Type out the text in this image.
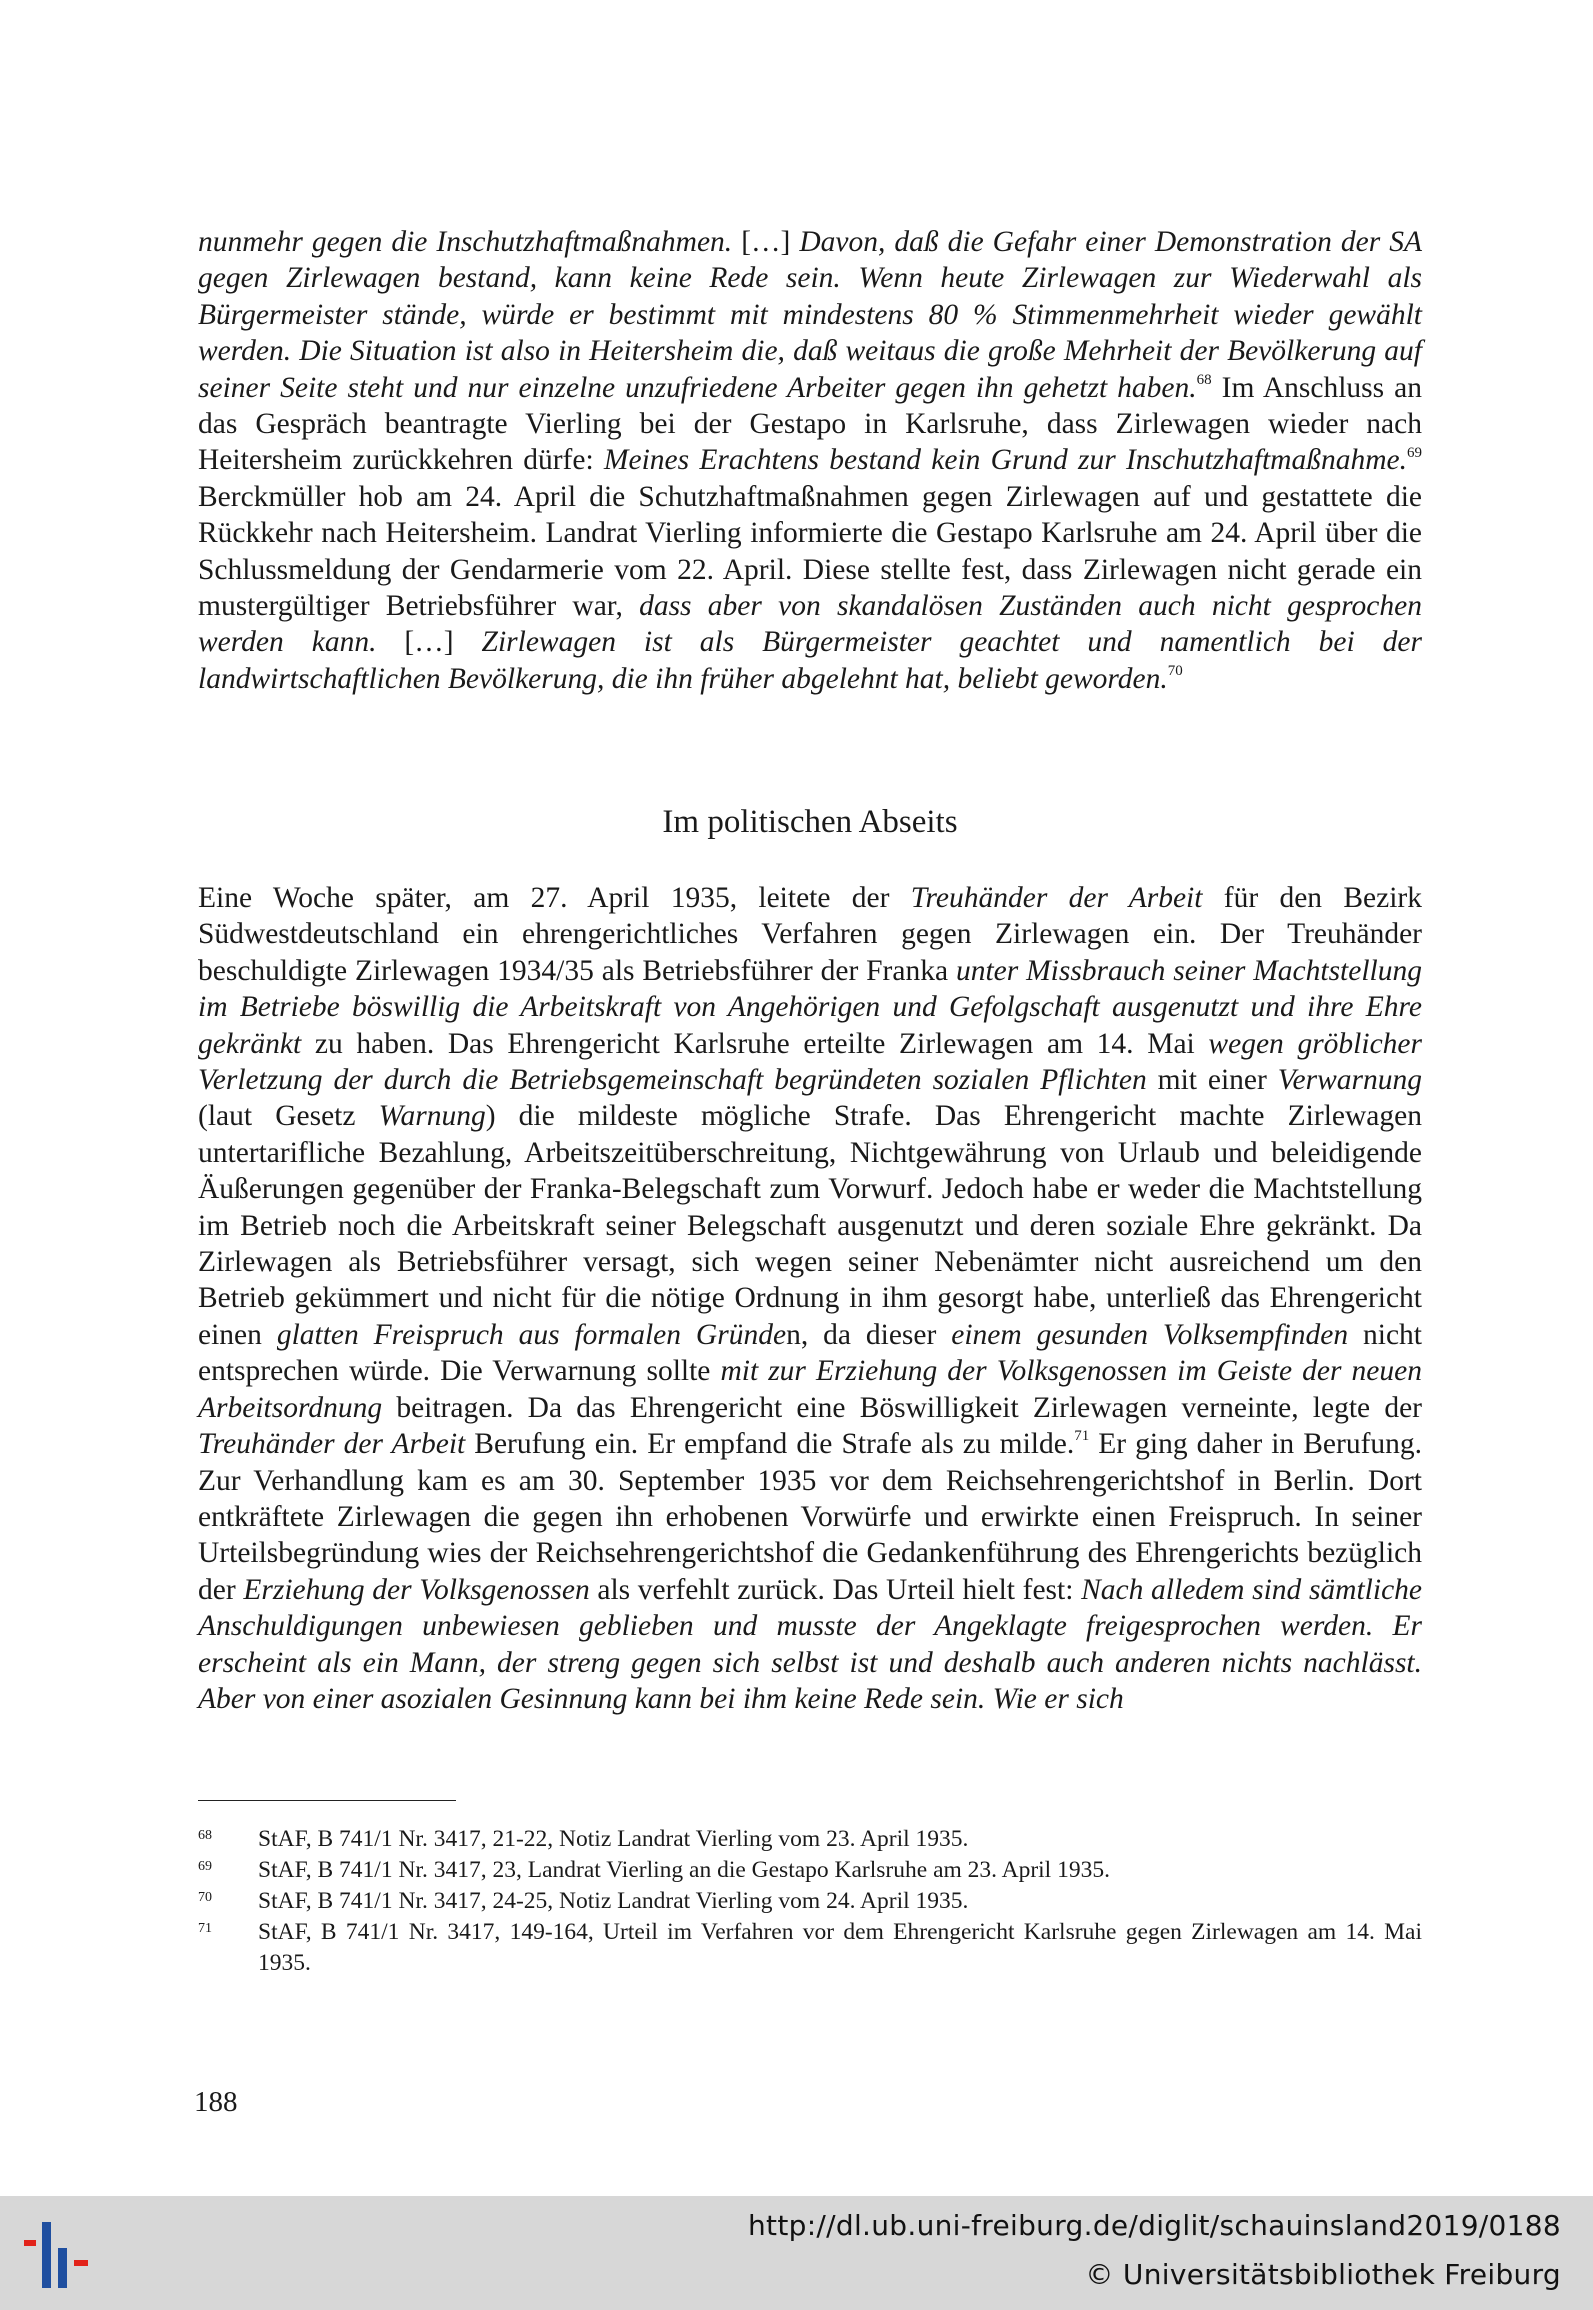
nunmehr gegen die Inschutzhaftmaßnahmen. […] Davon, daß die Gefahr einer Demonstration der SA gegen Zirlewagen bestand, kann keine Rede sein. Wenn heute Zirlewagen zur Wiederwahl als Bürgermeister stände, würde er bestimmt mit mindestens 80 % Stimmenmehrheit wieder gewählt werden. Die Situation ist also in Heitersheim die, daß weitaus die große Mehrheit der Bevölkerung auf seiner Seite steht und nur einzelne unzufriedene Arbeiter gegen ihn gehetzt haben.$^{68}$ Im Anschluss an das Gespräch beantragte Vierling bei der Gestapo in Karlsruhe, dass Zirlewagen wieder nach Heitersheim zurückkehren dürfe: Meines Erachtens bestand kein Grund zur Inschutzhaftmaßnahme.$^{69}$ Berckmüller hob am 24. April die Schutzhaftmaßnahmen gegen Zirlewagen auf und gestattete die Rückkehr nach Heitersheim. Landrat Vierling informierte die Gestapo Karlsruhe am 24. April über die Schlussmeldung der Gendarmerie vom 22. April. Diese stellte fest, dass Zirlewagen nicht gerade ein mustergültiger Betriebsführer war, dass aber von skandalösen Zuständen auch nicht gesprochen werden kann. […] Zirlewagen ist als Bürgermeister geachtet und namentlich bei der landwirtschaftlichen Bevölkerung, die ihn früher abgelehnt hat, beliebt geworden.$^{70}$

Im politischen Abseits

Eine Woche später, am 27. April 1935, leitete der Treuhänder der Arbeit für den Bezirk Südwestdeutschland ein ehrengerichtliches Verfahren gegen Zirlewagen ein. Der Treuhänder beschuldigte Zirlewagen 1934/35 als Betriebsführer der Franka unter Missbrauch seiner Machtstellung im Betriebe böswillig die Arbeitskraft von Angehörigen und Gefolgschaft ausgenutzt und ihre Ehre gekränkt zu haben. Das Ehrengericht Karlsruhe erteilte Zirlewagen am 14. Mai wegen gröblicher Verletzung der durch die Betriebsgemeinschaft begründeten sozialen Pflichten mit einer Verwarnung (laut Gesetz Warnung) die mildeste mögliche Strafe. Das Ehrengericht machte Zirlewagen untertarifliche Bezahlung, Arbeitszeitüberschreitung, Nichtgewährung von Urlaub und beleidigende Äußerungen gegenüber der Franka-Belegschaft zum Vorwurf. Jedoch habe er weder die Machtstellung im Betrieb noch die Arbeitskraft seiner Belegschaft ausgenutzt und deren soziale Ehre gekränkt. Da Zirlewagen als Betriebsführer versagt, sich wegen seiner Nebenämter nicht ausreichend um den Betrieb gekümmert und nicht für die nötige Ordnung in ihm gesorgt habe, unterließ das Ehrengericht einen glatten Freispruch aus formalen Gründen, da dieser einem gesunden Volksempfinden nicht entsprechen würde. Die Verwarnung sollte mit zur Erziehung der Volksgenossen im Geiste der neuen Arbeitsordnung beitragen. Da das Ehrengericht eine Böswilligkeit Zirlewagen verneinte, legte der Treuhänder der Arbeit Berufung ein. Er empfand die Strafe als zu milde.$^{71}$ Er ging daher in Berufung. Zur Verhandlung kam es am 30. September 1935 vor dem Reichsehrengerichtshof in Berlin. Dort entkräftete Zirlewagen die gegen ihn erhobenen Vorwürfe und erwirkte einen Freispruch. In seiner Urteilsbegründung wies der Reichsehrengerichtshof die Gedankenführung des Ehrengerichts bezüglich der Erziehung der Volksgenossen als verfehlt zurück. Das Urteil hielt fest: Nach alledem sind sämtliche Anschuldigungen unbewiesen geblieben und musste der Angeklagte freigesprochen werden. Er erscheint als ein Mann, der streng gegen sich selbst ist und deshalb auch anderen nichts nachlässt. Aber von einer asozialen Gesinnung kann bei ihm keine Rede sein. Wie er sich

68	StAF, B 741/1 Nr. 3417, 21-22, Notiz Landrat Vierling vom 23. April 1935.
69	StAF, B 741/1 Nr. 3417, 23, Landrat Vierling an die Gestapo Karlsruhe am 23. April 1935.
70	StAF, B 741/1 Nr. 3417, 24-25, Notiz Landrat Vierling vom 24. April 1935.
71	StAF, B 741/1 Nr. 3417, 149-164, Urteil im Verfahren vor dem Ehrengericht Karlsruhe gegen Zirlewagen am 14. Mai 1935.
188
http://dl.ub.uni-freiburg.de/diglit/schauinsland2019/0188
© Universitätsbibliothek Freiburg
